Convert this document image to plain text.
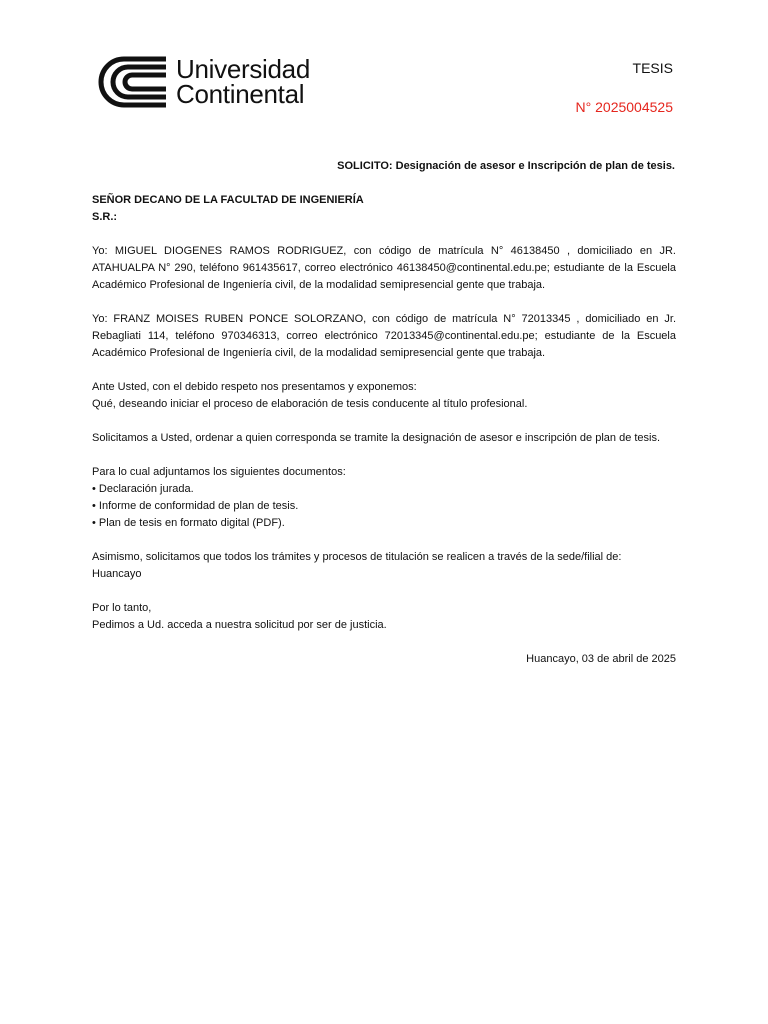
Universidad
Continental
TESIS
N° 2025004525
SOLICITO: Designación de asesor e Inscripción de plan de tesis.

SEÑOR DECANO DE LA FACULTAD DE INGENIERÍA

S.R.:

Yo: MIGUEL DIOGENES RAMOS RODRIGUEZ, con código de matrícula N° 46138450 , domiciliado en JR. ATAHUALPA N° 290, teléfono 961435617, correo electrónico 46138450@continental.edu.pe; estudiante de la Escuela Académico Profesional de Ingeniería civil, de la modalidad semipresencial gente que trabaja.

Yo: FRANZ MOISES RUBEN PONCE SOLORZANO, con código de matrícula N° 72013345 , domiciliado en Jr. Rebagliati 114, teléfono 970346313, correo electrónico 72013345@continental.edu.pe; estudiante de la Escuela Académico Profesional de Ingeniería civil, de la modalidad semipresencial gente que trabaja.

Ante Usted, con el debido respeto nos presentamos y exponemos:

Qué, deseando iniciar el proceso de elaboración de tesis conducente al título profesional.

Solicitamos a Usted, ordenar a quien corresponda se tramite la designación de asesor e inscripción de plan de tesis.

Para lo cual adjuntamos los siguientes documentos:

• Declaración jurada.

• Informe de conformidad de plan de tesis.

• Plan de tesis en formato digital (PDF).

Asimismo, solicitamos que todos los trámites y procesos de titulación se realicen a través de la sede/filial de:

Huancayo

Por lo tanto,

Pedimos a Ud. acceda a nuestra solicitud por ser de justicia.

Huancayo, 03 de abril de 2025
